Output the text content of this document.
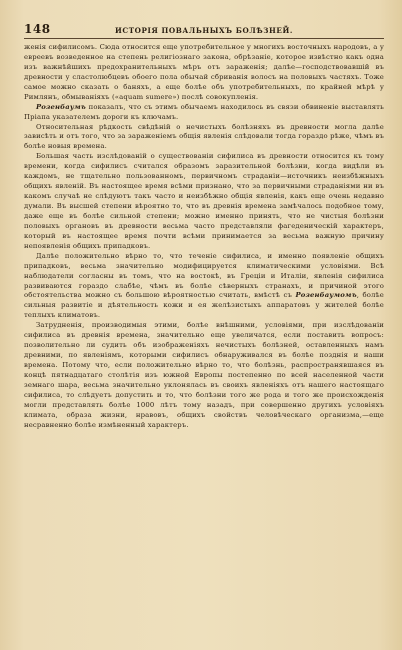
148	ИСТОРІЯ ПОВАЛЬНЫХЪ БОЛѢЗНЕЙ.

женія сифилисомъ. Сюда относится еще употребительное у многихъ восточныхъ народовъ, а у евреевъ возведенное на степень религіознаго закона, обрѣзаніе, которое извѣстно какъ одна изъ важнѣйшихъ предохранительныхъ мѣръ отъ зараженія; далѣе—господствовавшій въ древности у сластолюбцевъ обоего пола обычай сбриванія волосъ на половыхъ частяхъ. Тоже самое можно сказать о баняхъ, а еще болѣе объ употребительныхъ, по крайней мѣрѣ у Римлянъ, обмываніяхъ («aquam sumere») послѣ совокупленія.

Розенбаумъ показалъ, что съ этимъ обычаемъ находилось въ связи обвиненіе выставлять Пріапа указателемъ дороги къ ключамъ.

Относительная рѣдкость свѣдѣній о нечистыхъ болѣзняхъ въ древности могла далѣе зависѣть и отъ того, что за зараженіемъ общія явленія слѣдовали тогда гораздо рѣже, чѣмъ въ болѣе новыя времена.

Большая часть изслѣдованій о существованіи сифилиса въ древности относится къ тому времени, когда сифилисъ считался образомъ заразительной болѣзни, когда видѣли въ каждомъ, не тщательно пользованномъ, первичномъ страданіи—источникъ неизбѣжныхъ общихъ явленій. Въ настоящее время всѣми признано, что за первичными страданіями ни въ какомъ случаѣ не слѣдуютъ такъ часто и неизбѣжно общія явленія, какъ еще очень недавно думали. Въ высшей степени вѣроятно то, что въ древнія времена замѣчалось подобное тому, даже еще въ болѣе сильной степени; можно именно принять, что не чистыя болѣзни половыхъ органовъ въ древности весьма часто представляли фагеденическій характеръ, который въ настоящее время почти всѣми принимается за весьма важную причину непоявленія общихъ припадковъ.

Далѣе положительно вѣрно то, что теченіе сифилиса, и именно появленіе общихъ припадковъ, весьма значительно модифицируется климатическими условіями. Всѣ наблюдатели согласны въ томъ, что на востокѣ, въ Греціи и Италіи, явленія сифилиса развиваются гораздо слабѣе, чѣмъ въ болѣе сѣверныхъ странахъ, и причиной этого обстоятельства можно съ большою вѣроятностью считать, вмѣстѣ съ Розенбаумомъ, болѣе сильныя развитіе и дѣятельность кожи и ея желѣзистыхъ аппаратовъ у жителей болѣе теплыхъ климатовъ.

Затрудненія, производимыя этими, болѣе внѣшними, условіями, при изслѣдованіи сифилиса въ древнія времена, значительно еще увеличатся, если поставить вопросъ: позволительно ли судить объ изображеніяхъ нечистыхъ болѣзней, оставленныхъ намъ древними, по явленіямъ, которыми сифилисъ обнаруживался въ болѣе позднія и наши времена. Потому что, если положительно вѣрно то, что болѣзнь, распространявшаяся въ концѣ пятнадцатаго столѣтія изъ южной Европы постепенно по всей населенной части земнаго шара, весьма значительно уклонялась въ своихъ явленіяхъ отъ нашего настоящаго сифилиса, то слѣдуетъ допустить и то, что болѣзни того же рода и того же происхожденія могли представлять болѣе 1000 лѣтъ тому назадъ, при совершенно другихъ условіяхъ климата, образа жизни, нравовъ, общихъ свойствъ человѣческаго организма,—еще несравненно болѣе измѣненный характеръ.
